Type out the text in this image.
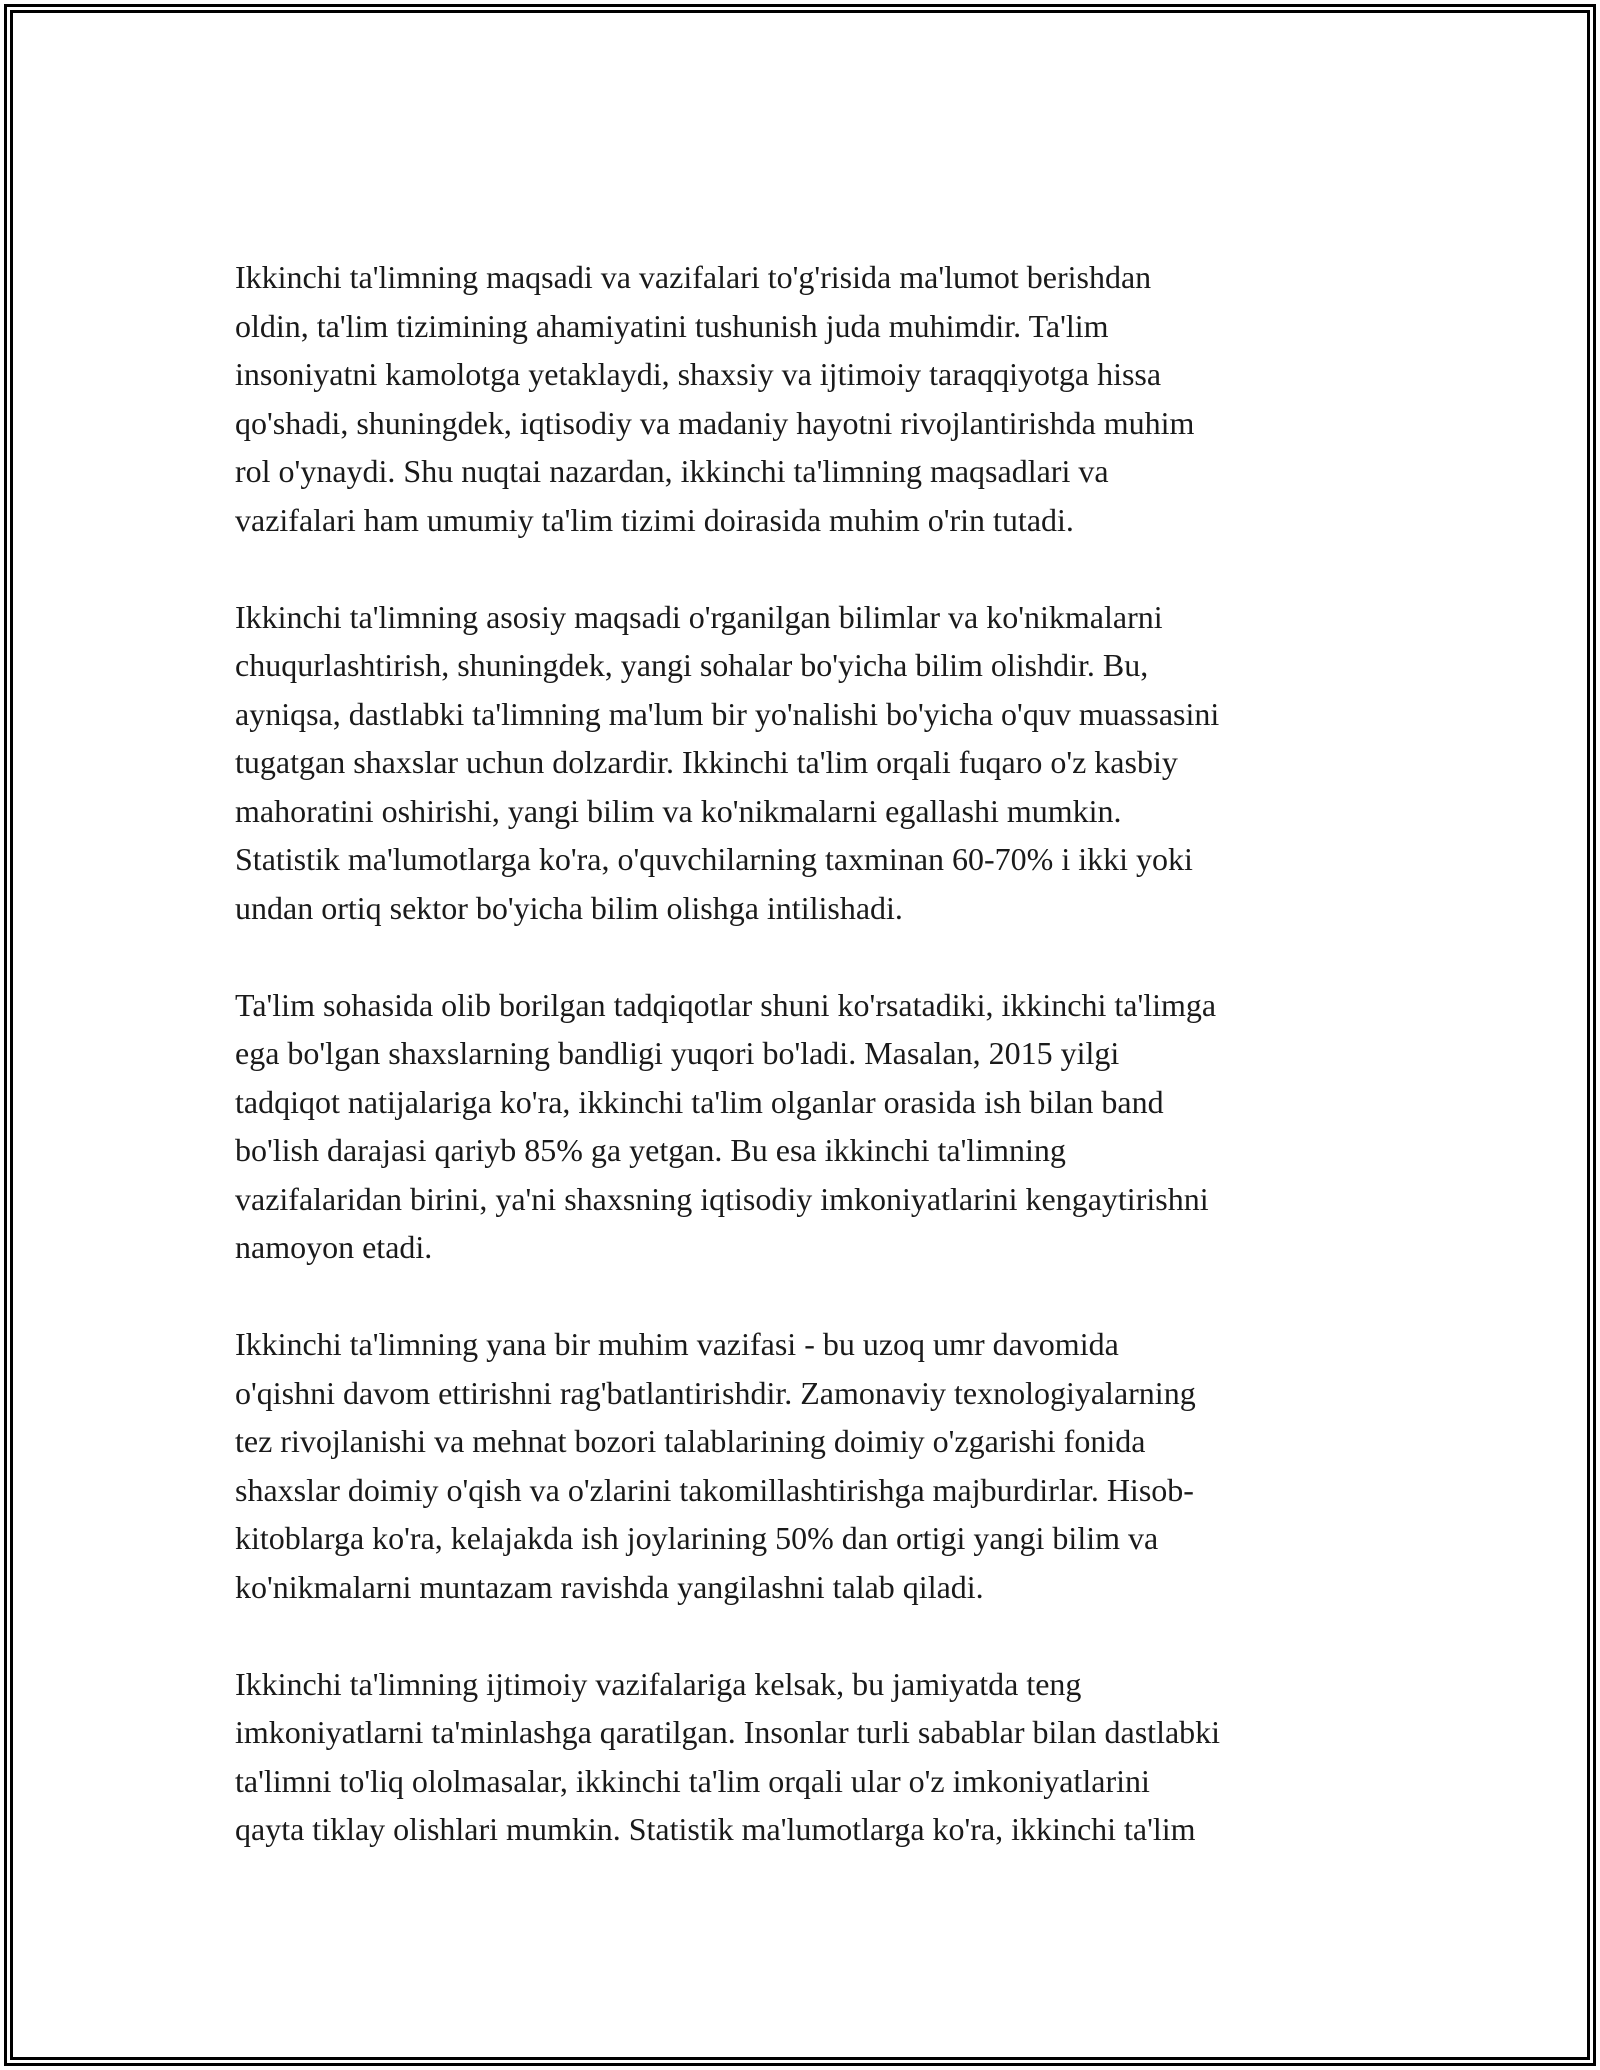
Ikkinchi ta'limning maqsadi va vazifalari to'g'risida ma'lumot berishdan
oldin, ta'lim tizimining ahamiyatini tushunish juda muhimdir. Ta'lim
insoniyatni kamolotga yetaklaydi, shaxsiy va ijtimoiy taraqqiyotga hissa
qo'shadi, shuningdek, iqtisodiy va madaniy hayotni rivojlantirishda muhim
rol o'ynaydi. Shu nuqtai nazardan, ikkinchi ta'limning maqsadlari va
vazifalari ham umumiy ta'lim tizimi doirasida muhim o'rin tutadi.

Ikkinchi ta'limning asosiy maqsadi o'rganilgan bilimlar va ko'nikmalarni
chuqurlashtirish, shuningdek, yangi sohalar bo'yicha bilim olishdir. Bu,
ayniqsa, dastlabki ta'limning ma'lum bir yo'nalishi bo'yicha o'quv muassasini
tugatgan shaxslar uchun dolzardir. Ikkinchi ta'lim orqali fuqaro o'z kasbiy
mahoratini oshirishi, yangi bilim va ko'nikmalarni egallashi mumkin.
Statistik ma'lumotlarga ko'ra, o'quvchilarning taxminan 60-70% i ikki yoki
undan ortiq sektor bo'yicha bilim olishga intilishadi.

Ta'lim sohasida olib borilgan tadqiqotlar shuni ko'rsatadiki, ikkinchi ta'limga
ega bo'lgan shaxslarning bandligi yuqori bo'ladi. Masalan, 2015 yilgi
tadqiqot natijalariga ko'ra, ikkinchi ta'lim olganlar orasida ish bilan band
bo'lish darajasi qariyb 85% ga yetgan. Bu esa ikkinchi ta'limning
vazifalaridan birini, ya'ni shaxsning iqtisodiy imkoniyatlarini kengaytirishni
namoyon etadi.

Ikkinchi ta'limning yana bir muhim vazifasi - bu uzoq umr davomida
o'qishni davom ettirishni rag'batlantirishdir. Zamonaviy texnologiyalarning
tez rivojlanishi va mehnat bozori talablarining doimiy o'zgarishi fonida
shaxslar doimiy o'qish va o'zlarini takomillashtirishga majburdirlar. Hisob-
kitoblarga ko'ra, kelajakda ish joylarining 50% dan ortigi yangi bilim va
ko'nikmalarni muntazam ravishda yangilashni talab qiladi.

Ikkinchi ta'limning ijtimoiy vazifalariga kelsak, bu jamiyatda teng
imkoniyatlarni ta'minlashga qaratilgan. Insonlar turli sabablar bilan dastlabki
ta'limni to'liq ololmasalar, ikkinchi ta'lim orqali ular o'z imkoniyatlarini
qayta tiklay olishlari mumkin. Statistik ma'lumotlarga ko'ra, ikkinchi ta'lim
